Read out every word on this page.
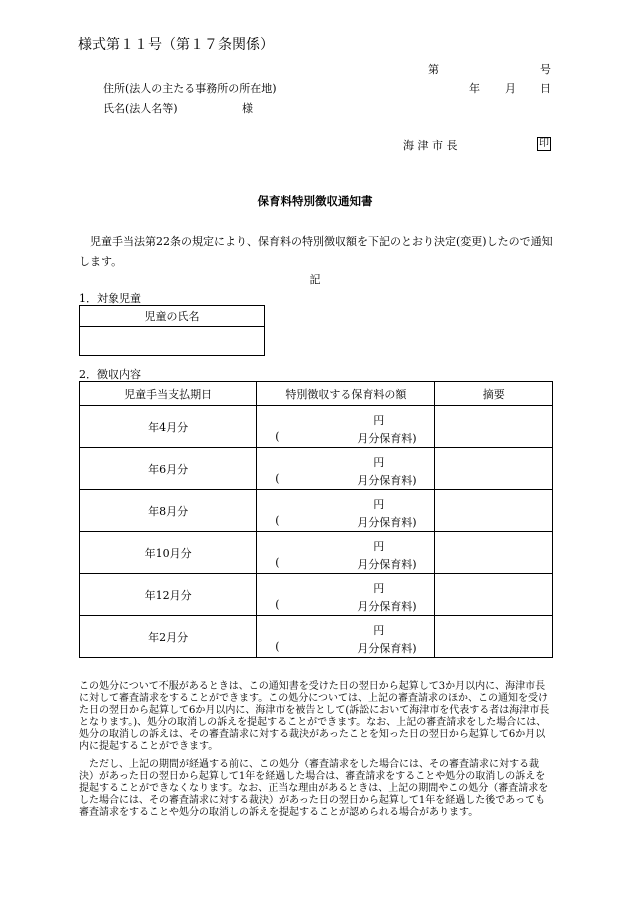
様式第１１号（第１７条関係）
第	号
住所(法人の主たる事務所の所在地)	年 月 日
氏名(法人名等)	様
海 津 市 長	印
保育料特別徴収通知書
児童手当法第22条の規定により、保育料の特別徴収額を下記のとおり決定(変更)したので通知します。
記
1．対象児童
児童の氏名

2．徴収内容
児童手当支払期日	特別徴収する保育料の額	摘要
年4月分	円
( 月分保育料)	

年6月分	円
( 月分保育料)	

年8月分	円
( 月分保育料)	

年10月分	円
( 月分保育料)	

年12月分	円
( 月分保育料)	

年2月分	円
( 月分保育料)	

この処分について不服があるときは、この通知書を受けた日の翌日から起算して3か月以内に、海津市長に対して審査請求をすることができます。この処分については、上記の審査請求のほか、この通知を受けた日の翌日から起算して6か月以内に、海津市を被告として(訴訟において海津市を代表する者は海津市長となります。)、処分の取消しの訴えを提起することができます。なお、上記の審査請求をした場合には、処分の取消しの訴えは、その審査請求に対する裁決があったことを知った日の翌日から起算して6か月以内に提起することができます。

ただし、上記の期間が経過する前に、この処分（審査請求をした場合には、その審査請求に対する裁決）があった日の翌日から起算して1年を経過した場合は、審査請求をすることや処分の取消しの訴えを提起することができなくなります。なお、正当な理由があるときは、上記の期間やこの処分（審査請求をした場合には、その審査請求に対する裁決）があった日の翌日から起算して1年を経過した後であっても審査請求をすることや処分の取消しの訴えを提起することが認められる場合があります。
